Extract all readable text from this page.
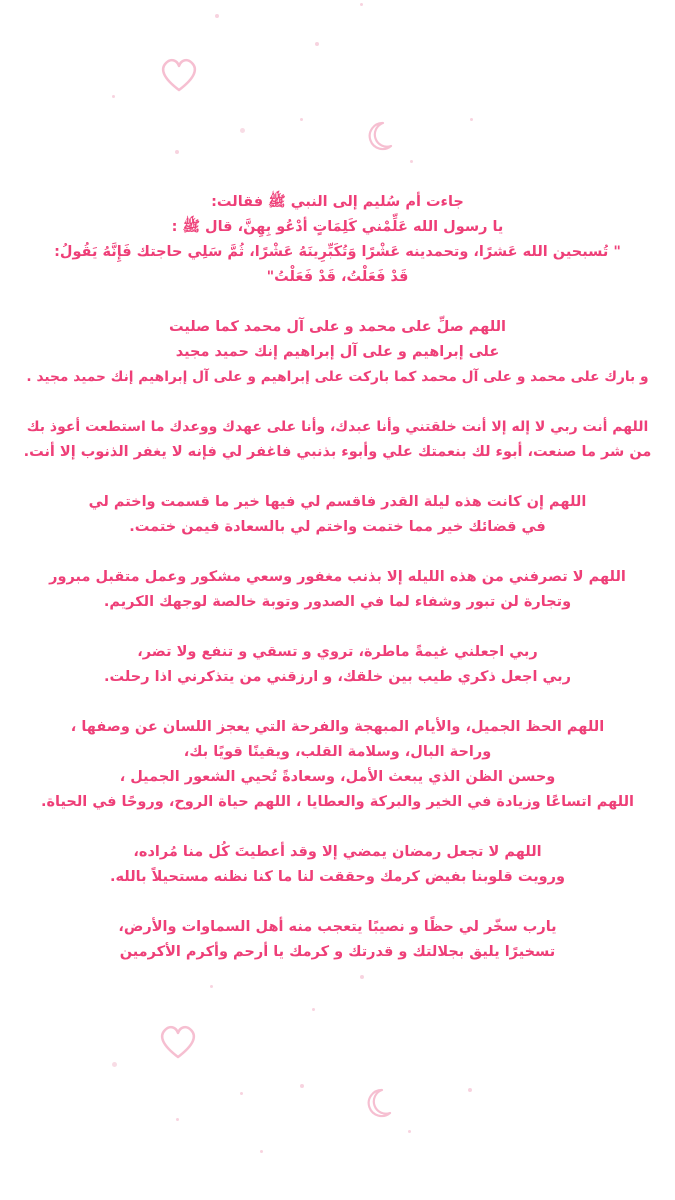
جاءت أم سُليم إلى النبي ﷺ فقالت:
يا رسول الله عَلِّمْني كَلِمَاتٍ أدْعُو بِهِنَّ، قال ﷺ :
" تُسبحين الله عَشرًا، وتحمدينه عَشْرًا وَتُكَبِّرِينَهُ عَشْرًا، ثُمَّ سَلِي حاجتك فَإِنَّهُ يَقُولُ:
قَدْ فَعَلْتُ، قَدْ فَعَلْتُ"
اللهم صلِّ على محمد و على آل محمد كما صليت
على إبراهيم و على آل إبراهيم إنك حميد مجيد
و بارك على محمد و على آل محمد كما باركت على إبراهيم و على آل إبراهيم إنك حميد مجيد .
اللهم أنت ربي لا إله إلا أنت خلقتني وأنا عبدك، وأنا على عهدك ووعدك ما استطعت أعوذ بك
من شر ما صنعت، أبوء لك بنعمتك علي وأبوء بذنبي فاغفر لي فإنه لا يغفر الذنوب إلا أنت.
اللهم إن كانت هذه ليلة القدر فاقسم لي فيها خير ما قسمت واختم لي
في قضائك خير مما ختمت واختم لي بالسعادة فيمن ختمت.
اللهم لا تصرفني من هذه الليله إلا بذنب مغفور وسعي مشكور وعمل متقبل مبرور
وتجارة لن تبور وشفاء لما في الصدور وتوبة خالصة لوجهك الكريم.
ربي اجعلني غيمةً ماطرة، تروي و تسقي و تنفع ولا تضر،
ربي اجعل ذكري طيب بين خلقك، و ارزقني من يتذكرني اذا رحلت.
اللهم الحظ الجميل، والأيام المبهجة والفرحة التي يعجز اللسان عن وصفها ،
وراحة البال، وسلامة القلب، ويقينًا قويًا بك،
وحسن الظن الذي يبعث الأمل، وسعادةً تُحيي الشعور الجميل ،
اللهم اتساعًا وزيادة في الخير والبركة والعطايا ، اللهم حياة الروح، وروحًا في الحياة.
اللهم لا تجعل رمضان يمضي إلا وقد أعطيتَ كُل منا مُراده،
ورويت قلوبنا بفيض كرمك وحققت لنا ما كنا نظنه مستحيلاً بالله.
يارب سخّر لي حظًا و نصيبًا يتعجب منه أهل السماوات والأرض،
تسخيرًا يليق بجلالتك و قدرتك و كرمك يا أرحم وأكرم الأكرمين
